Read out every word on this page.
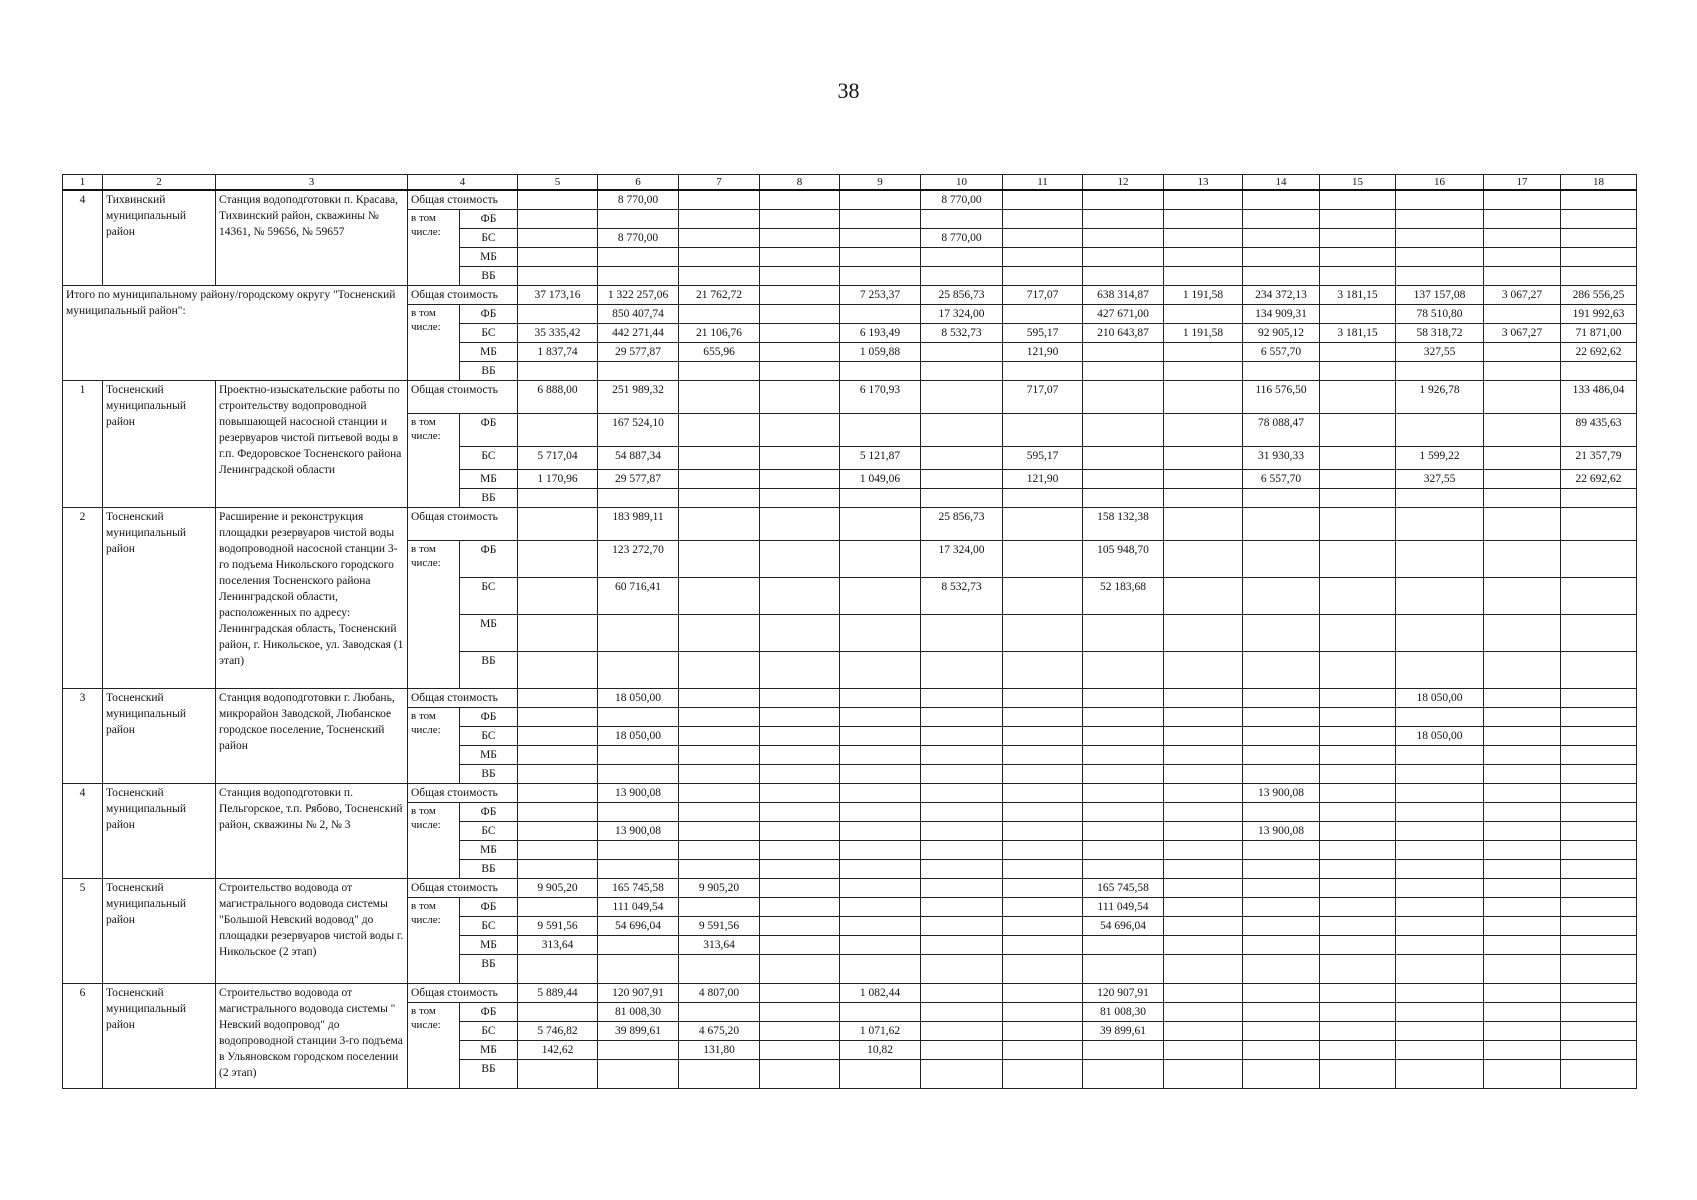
38
1	2	3	4		5	6	7	8	9	10	11	12	13	14	15	16	17	18
4	Тихвинский муниципальный район	Станция водоподготовки п. Красава, Тихвинский район, скважины № 14361, № 59656, № 59657	Общая стоимость			8 770,00				8 770,00								
			в том числе:	ФБ														
				БС		8 770,00				8 770,00								
				МБ														
				ВБ														
Итого по муниципальному району/городскому округу "Тосненский муниципальный район":			Общая стоимость		37 173,16	1 322 257,06	21 762,72		7 253,37	25 856,73	717,07	638 314,87	1 191,58	234 372,13	3 181,15	137 157,08	3 067,27	286 556,25
			в том числе:	ФБ		850 407,74				17 324,00		427 671,00		134 909,31		78 510,80		191 992,63
				БС	35 335,42	442 271,44	21 106,76		6 193,49	8 532,73	595,17	210 643,87	1 191,58	92 905,12	3 181,15	58 318,72	3 067,27	71 871,00
				МБ	1 837,74	29 577,87	655,96		1 059,88		121,90			6 557,70		327,55		22 692,62
				ВБ														
1	Тосненский муниципальный район	Проектно-изыскательские работы по строительству водопроводной повышающей насосной станции и резервуаров чистой питьевой воды в г.п. Федоровское Тосненского района Ленинградской области	Общая стоимость		6 888,00	251 989,32			6 170,93		717,07			116 576,50		1 926,78		133 486,04
			в том числе:	ФБ		167 524,10								78 088,47				89 435,63
				БС	5 717,04	54 887,34			5 121,87		595,17			31 930,33		1 599,22		21 357,79
				МБ	1 170,96	29 577,87			1 049,06		121,90			6 557,70		327,55		22 692,62
				ВБ														
2	Тосненский муниципальный район	Расширение и реконструкция площадки резервуаров чистой воды водопроводной насосной станции 3-го подъема Никольского городского поселения Тосненского района Ленинградской области, расположенных по адресу: Ленинградская область, Тосненский район, г. Никольское, ул. Заводская (1 этап)	Общая стоимость			183 989,11				25 856,73		158 132,38						
			в том числе:	ФБ		123 272,70				17 324,00		105 948,70						
				БС		60 716,41				8 532,73		52 183,68						
				МБ														
				ВБ														
3	Тосненский муниципальный район	Станция водоподготовки г. Любань, микрорайон Заводской, Любанское городское поселение, Тосненский район	Общая стоимость			18 050,00										18 050,00		
			в том числе:	ФБ														
				БС		18 050,00										18 050,00		
				МБ														
				ВБ														
4	Тосненский муниципальный район	Станция водоподготовки п. Пельгорское, т.п. Рябово, Тосненский район, скважины № 2, № 3	Общая стоимость			13 900,08								13 900,08				
			в том числе:	ФБ														
				БС		13 900,08								13 900,08				
				МБ														
				ВБ														
5	Тосненский муниципальный район	Строительство водовода от магистрального водовода системы "Большой Невский водовод" до площадки резервуаров чистой воды г. Никольское (2 этап)	Общая стоимость		9 905,20	165 745,58	9 905,20					165 745,58						
			в том числе:	ФБ		111 049,54						111 049,54						
				БС	9 591,56	54 696,04	9 591,56					54 696,04						
				МБ	313,64		313,64											
				ВБ														
6	Тосненский муниципальный район	Строительство водовода от магистрального водовода системы " Невский водопровод" до водопроводной станции 3-го подъема в Ульяновском городском поселении (2 этап)	Общая стоимость		5 889,44	120 907,91	4 807,00		1 082,44			120 907,91						
			в том числе:	ФБ		81 008,30						81 008,30						
				БС	5 746,82	39 899,61	4 675,20		1 071,62			39 899,61						
				МБ	142,62		131,80		10,82									
				ВБ														
